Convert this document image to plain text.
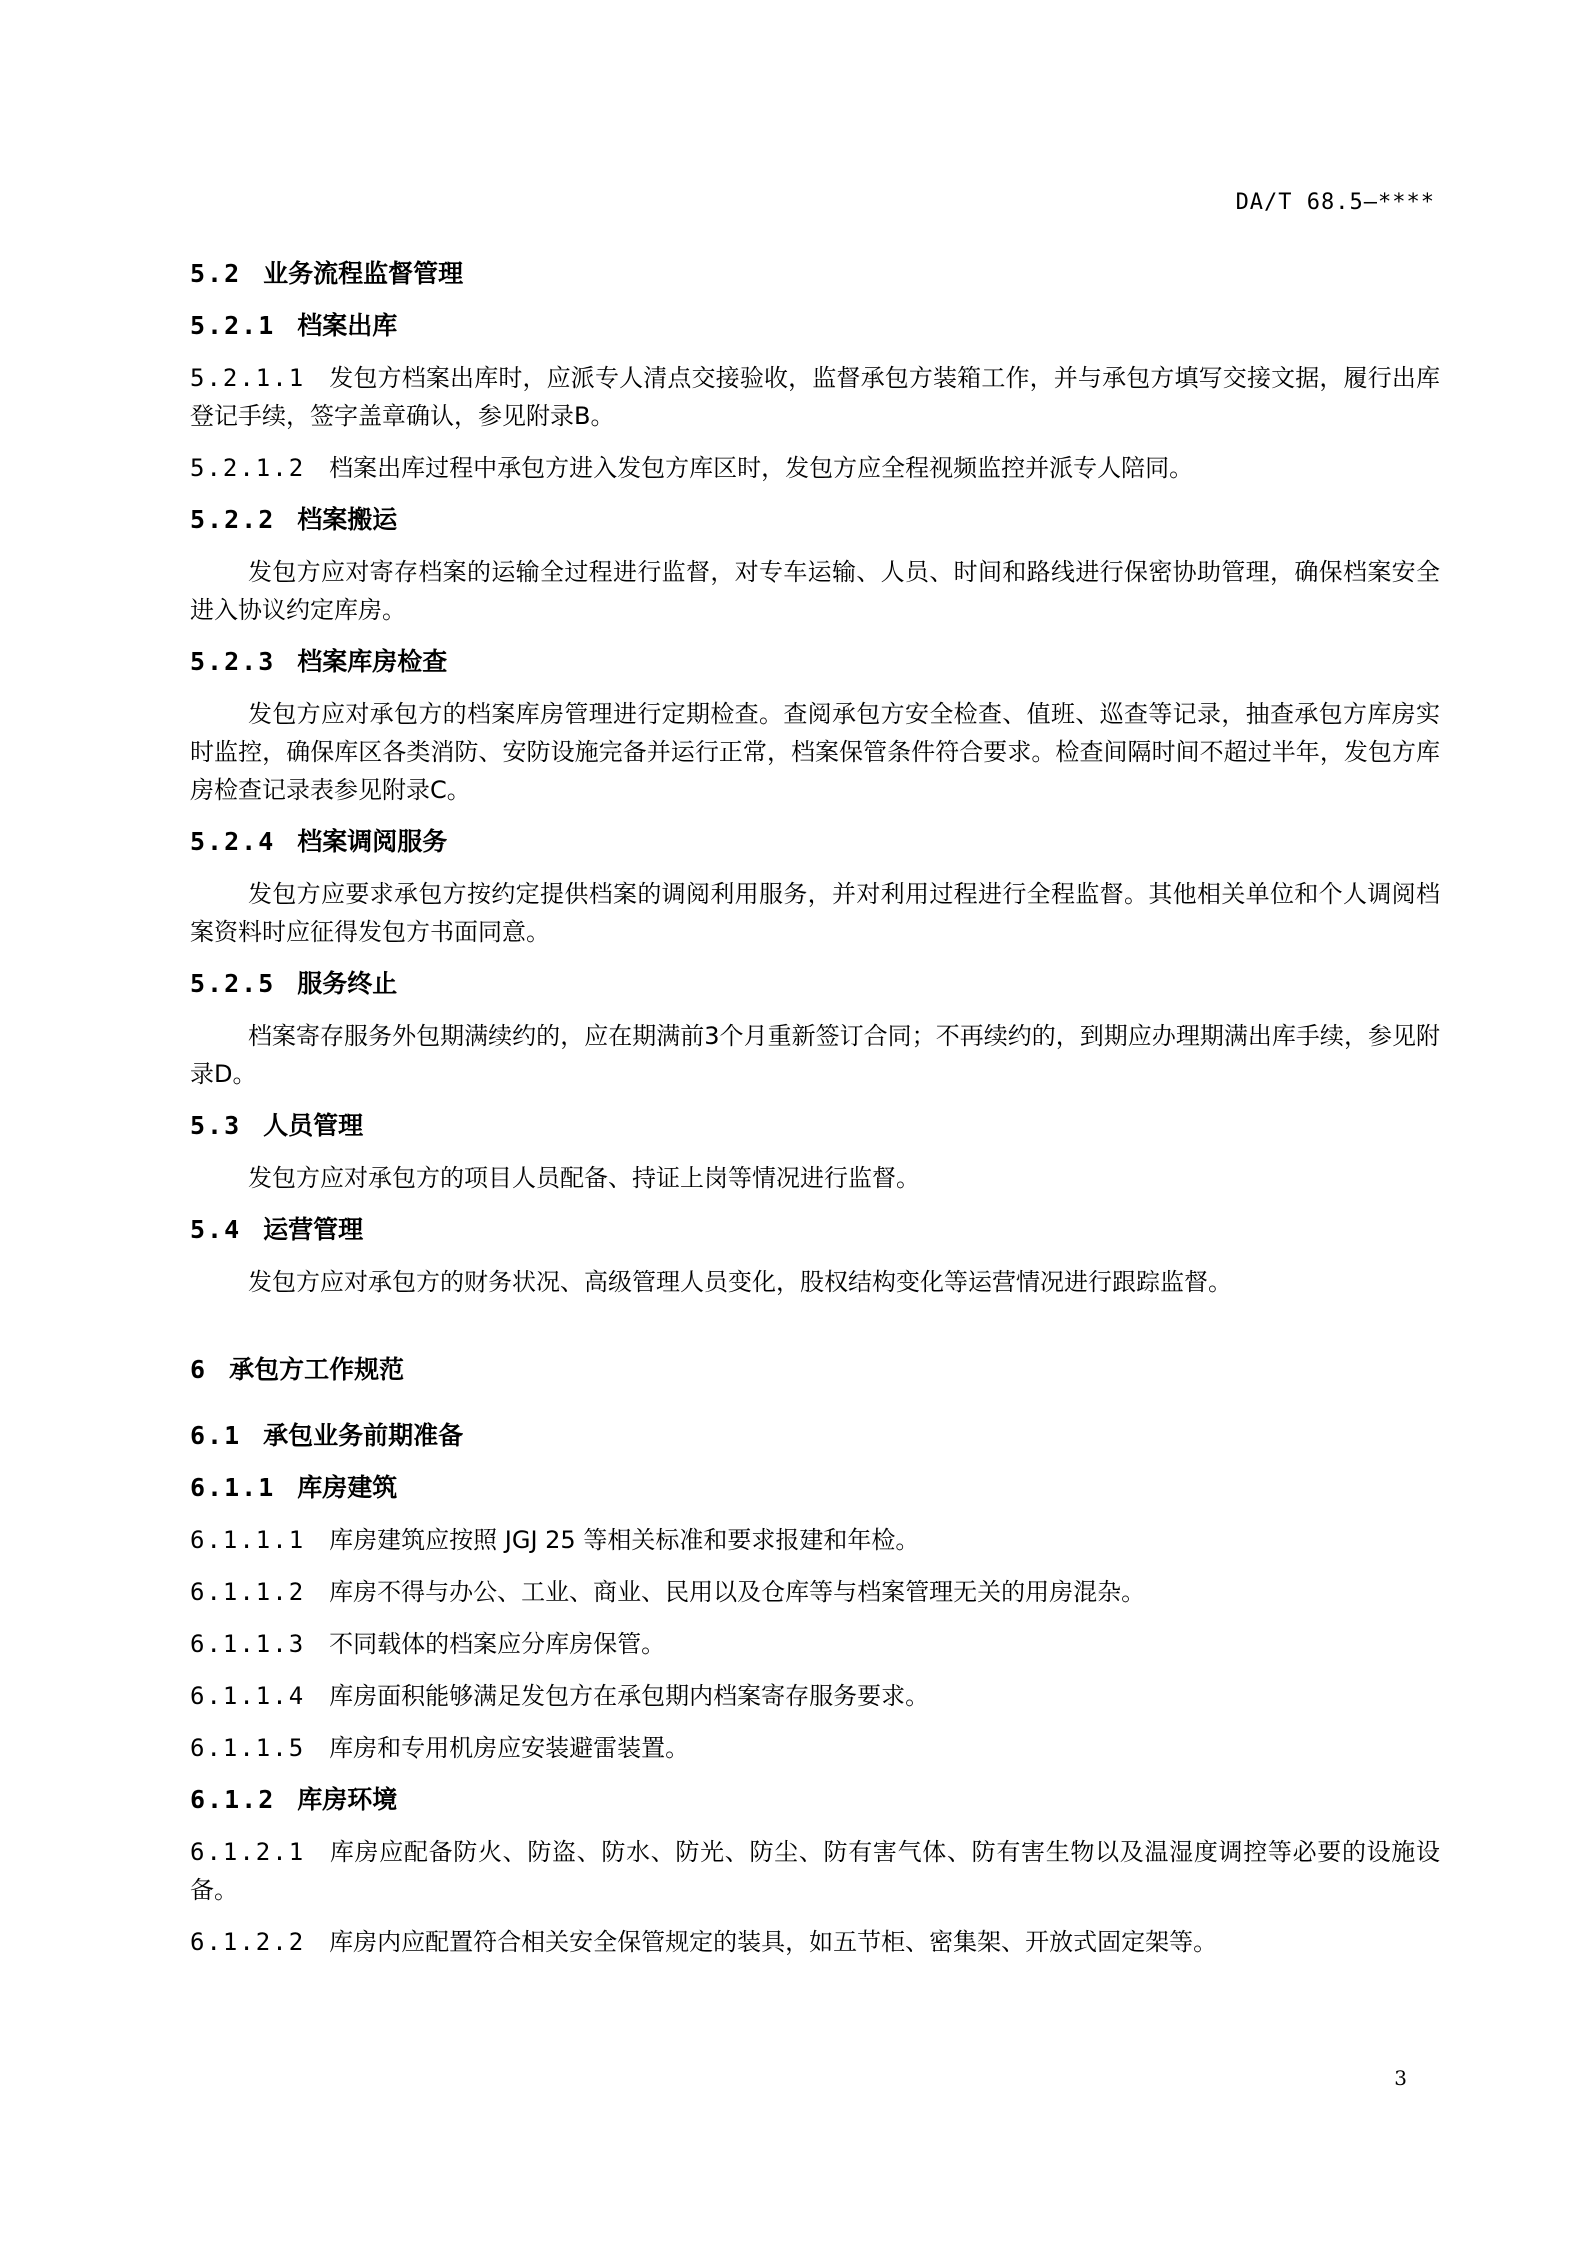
DA/T 68.5—****
5.2 业务流程监督管理
5.2.1 档案出库
5.2.1.1 发包方档案出库时，应派专人清点交接验收，监督承包方装箱工作，并与承包方填写交接文据，履行出库登记手续，签字盖章确认，参见附录B。
5.2.1.2 档案出库过程中承包方进入发包方库区时，发包方应全程视频监控并派专人陪同。
5.2.2 档案搬运
发包方应对寄存档案的运输全过程进行监督，对专车运输、人员、时间和路线进行保密协助管理，确保档案安全进入协议约定库房。
5.2.3 档案库房检查
发包方应对承包方的档案库房管理进行定期检查。查阅承包方安全检查、值班、巡查等记录，抽查承包方库房实时监控，确保库区各类消防、安防设施完备并运行正常，档案保管条件符合要求。检查间隔时间不超过半年，发包方库房检查记录表参见附录C。
5.2.4 档案调阅服务
发包方应要求承包方按约定提供档案的调阅利用服务，并对利用过程进行全程监督。其他相关单位和个人调阅档案资料时应征得发包方书面同意。
5.2.5 服务终止
档案寄存服务外包期满续约的，应在期满前3个月重新签订合同；不再续约的，到期应办理期满出库手续，参见附录D。
5.3 人员管理
发包方应对承包方的项目人员配备、持证上岗等情况进行监督。
5.4 运营管理
发包方应对承包方的财务状况、高级管理人员变化，股权结构变化等运营情况进行跟踪监督。
6 承包方工作规范
6.1 承包业务前期准备
6.1.1 库房建筑
6.1.1.1 库房建筑应按照 JGJ 25 等相关标准和要求报建和年检。
6.1.1.2 库房不得与办公、工业、商业、民用以及仓库等与档案管理无关的用房混杂。
6.1.1.3 不同载体的档案应分库房保管。
6.1.1.4 库房面积能够满足发包方在承包期内档案寄存服务要求。
6.1.1.5 库房和专用机房应安装避雷装置。
6.1.2 库房环境
6.1.2.1 库房应配备防火、防盗、防水、防光、防尘、防有害气体、防有害生物以及温湿度调控等必要的设施设备。
6.1.2.2 库房内应配置符合相关安全保管规定的装具，如五节柜、密集架、开放式固定架等。
3
